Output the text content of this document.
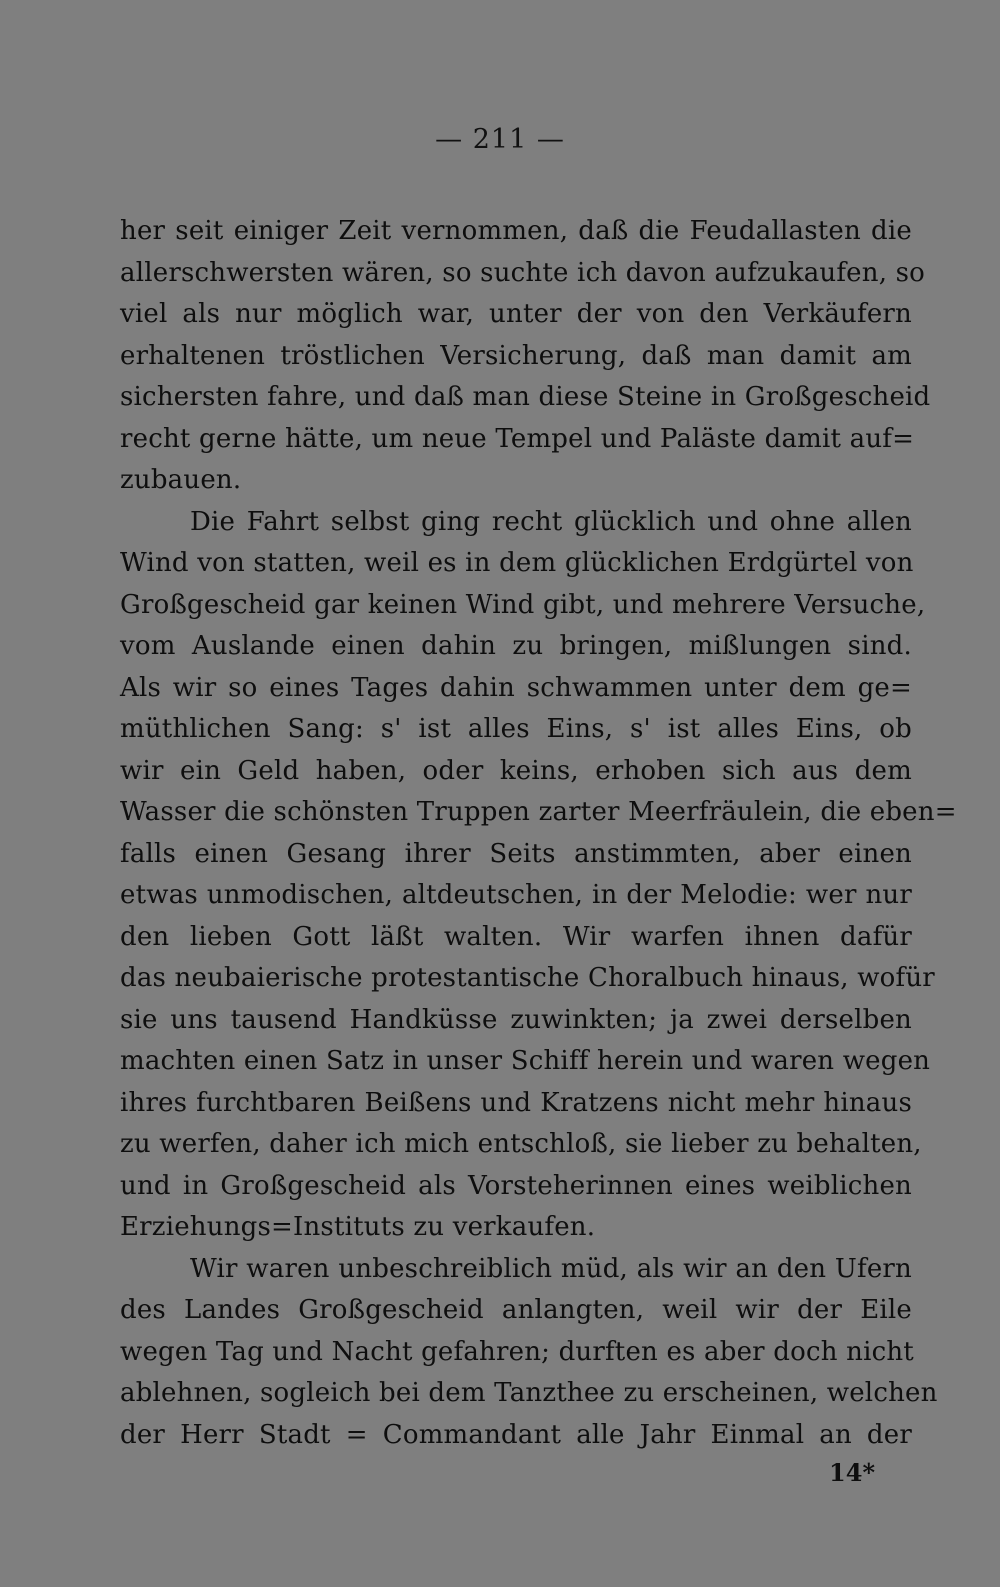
— 211 —
her seit einiger Zeit vernommen, daß die Feudallasten die
allerschwersten wären, so suchte ich davon aufzukaufen, so
viel als nur möglich war, unter der von den Verkäufern
erhaltenen tröstlichen Versicherung, daß man damit am
sichersten fahre, und daß man diese Steine in Großgescheid
recht gerne hätte, um neue Tempel und Paläste damit auf=
zubauen.
Die Fahrt selbst ging recht glücklich und ohne allen
Wind von statten, weil es in dem glücklichen Erdgürtel von
Großgescheid gar keinen Wind gibt, und mehrere Versuche,
vom Auslande einen dahin zu bringen, mißlungen sind.
Als wir so eines Tages dahin schwammen unter dem ge=
müthlichen Sang: s' ist alles Eins, s' ist alles Eins, ob
wir ein Geld haben, oder keins, erhoben sich aus dem
Wasser die schönsten Truppen zarter Meerfräulein, die eben=
falls einen Gesang ihrer Seits anstimmten, aber einen
etwas unmodischen, altdeutschen, in der Melodie: wer nur
den lieben Gott läßt walten. Wir warfen ihnen dafür
das neubaierische protestantische Choralbuch hinaus, wofür
sie uns tausend Handküsse zuwinkten; ja zwei derselben
machten einen Satz in unser Schiff herein und waren wegen
ihres furchtbaren Beißens und Kratzens nicht mehr hinaus
zu werfen, daher ich mich entschloß, sie lieber zu behalten,
und in Großgescheid als Vorsteherinnen eines weiblichen
Erziehungs=Instituts zu verkaufen.
Wir waren unbeschreiblich müd, als wir an den Ufern
des Landes Großgescheid anlangten, weil wir der Eile
wegen Tag und Nacht gefahren; durften es aber doch nicht
ablehnen, sogleich bei dem Tanzthee zu erscheinen, welchen
der Herr Stadt = Commandant alle Jahr Einmal an der
14*
